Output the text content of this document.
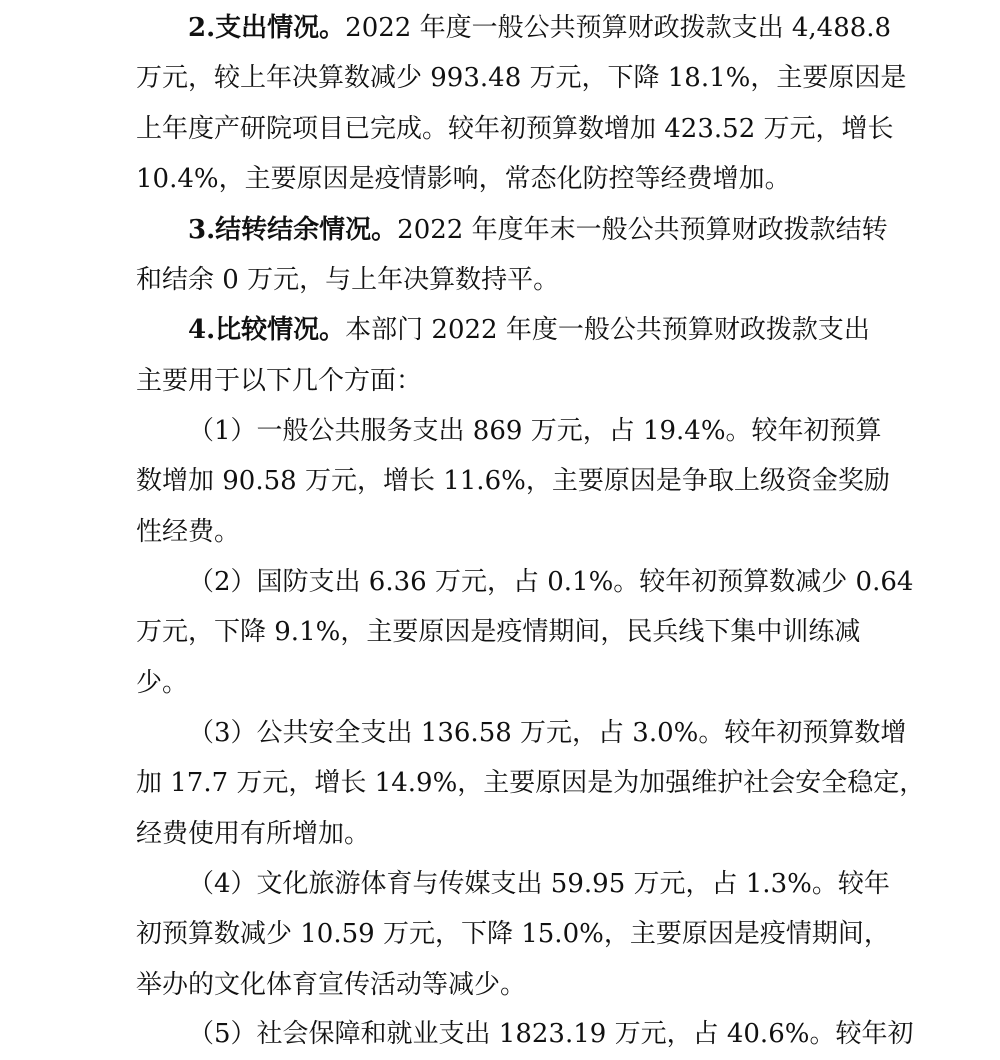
2.支出情况。2022 年度一般公共预算财政拨款支出 4,488.8
万元，较上年决算数减少 993.48 万元，下降 18.1%，主要原因是
上年度产研院项目已完成。较年初预算数增加 423.52 万元，增长
10.4%，主要原因是疫情影响，常态化防控等经费增加。
3.结转结余情况。2022 年度年末一般公共预算财政拨款结转
和结余 0 万元，与上年决算数持平。
4.比较情况。本部门 2022 年度一般公共预算财政拨款支出
主要用于以下几个方面：
（1）一般公共服务支出 869 万元，占 19.4%。较年初预算
数增加 90.58 万元，增长 11.6%，主要原因是争取上级资金奖励
性经费。
（2）国防支出 6.36 万元，占 0.1%。较年初预算数减少 0.64
万元，下降 9.1%，主要原因是疫情期间，民兵线下集中训练减
少。
（3）公共安全支出 136.58 万元，占 3.0%。较年初预算数增
加 17.7 万元，增长 14.9%，主要原因是为加强维护社会安全稳定，
经费使用有所增加。
（4）文化旅游体育与传媒支出 59.95 万元，占 1.3%。较年
初预算数减少 10.59 万元，下降 15.0%，主要原因是疫情期间，
举办的文化体育宣传活动等减少。
（5）社会保障和就业支出 1823.19 万元，占 40.6%。较年初
